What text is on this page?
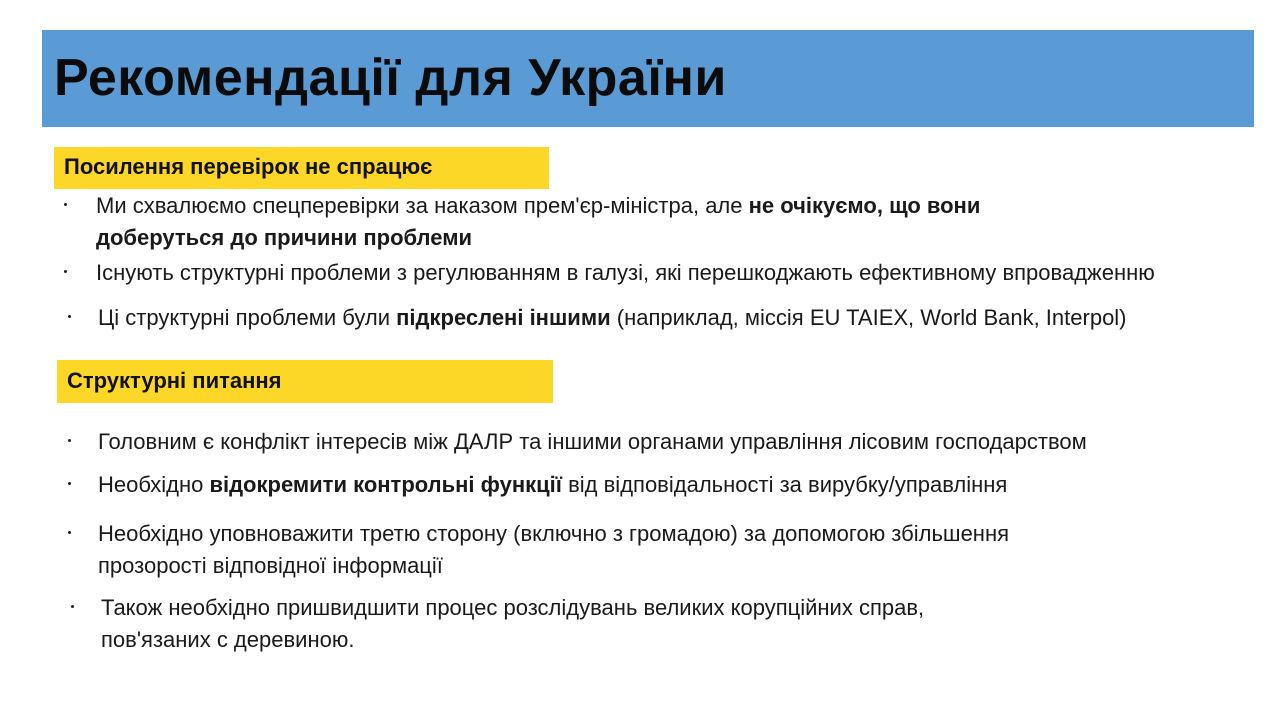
Рекомендації для України
Посилення перевірок не спрацює
Ми схвалюємо спецперевірки за наказом прем'єр-міністра, але не очікуємо, що вони
доберуться до причини проблеми
Існують структурні проблеми з регулюванням в галузі, які перешкоджають ефективному впровадженню
Ці структурні проблеми були підкреслені іншими (наприклад, міссія EU TAIEX, World Bank, Interpol)
Структурні питання
Головним є конфлікт інтересів між ДАЛР та іншими органами управління лісовим господарством
Необхідно відокремити контрольні функції від відповідальності за вирубку/управління
Необхідно уповноважити третю сторону (включно з громадою) за допомогою збільшення
прозорості відповідної інформації
Також необхідно пришвидшити процес розслідувань великих корупційних справ,
пов'язаних с деревиною.
